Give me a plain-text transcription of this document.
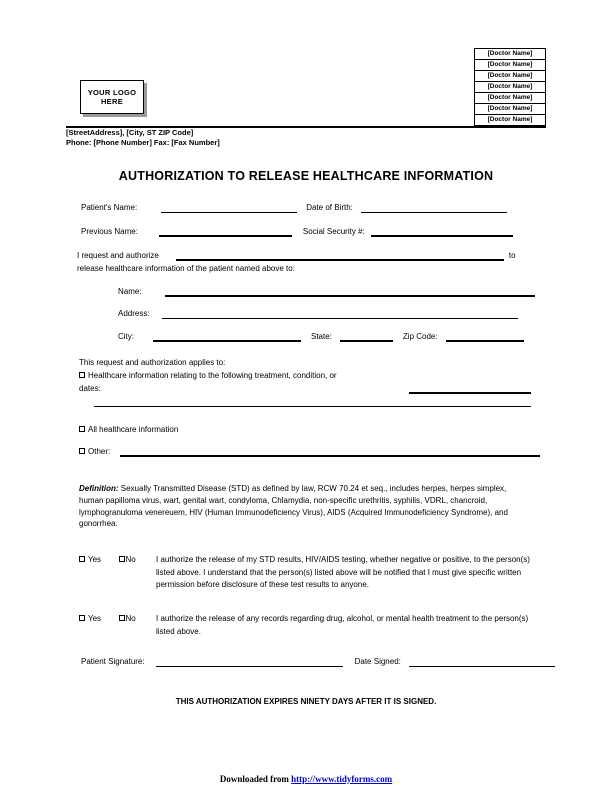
YOUR LOGO
HERE
[Doctor Name]
[Doctor Name]
[Doctor Name]
[Doctor Name]
[Doctor Name]
[Doctor Name]
[Doctor Name]
[StreetAddress], [City, ST ZIP Code]
Phone: [Phone Number] Fax: [Fax Number]
AUTHORIZATION TO RELEASE HEALTHCARE INFORMATION
Patient's Name:	Date of Birth:
Previous Name:	Social Security #:
I request and authorize	to
release healthcare information of the patient named above to:
Name:
Address:
City:	State:	Zip Code:
This request and authorization applies to:
Healthcare information relating to the following treatment, condition, or
dates:
All healthcare information
Other:
Definition: Sexually Transmitted Disease (STD) as defined by law, RCW 70.24 et seq., includes herpes, herpes simplex, human papilloma virus, wart, genital wart, condyloma, Chlamydia, non-specific urethritis, syphilis, VDRL, chancroid, lymphogranuloma venereuem, HIV (Human Immunodeficiency Virus), AIDS (Acquired Immunodeficiency Syndrome), and gonorrhea.
Yes	No	I authorize the release of my STD results, HIV/AIDS testing, whether negative or positive, to the person(s) listed above. I understand that the person(s) listed above will be notified that I must give specific written permission before disclosure of these test results to anyone.
Yes	No	I authorize the release of any records regarding drug, alcohol, or mental health treatment to the person(s) listed above.
Patient Signature:	Date Signed:
THIS AUTHORIZATION EXPIRES NINETY DAYS AFTER IT IS SIGNED.
Downloaded from http://www.tidyforms.com
